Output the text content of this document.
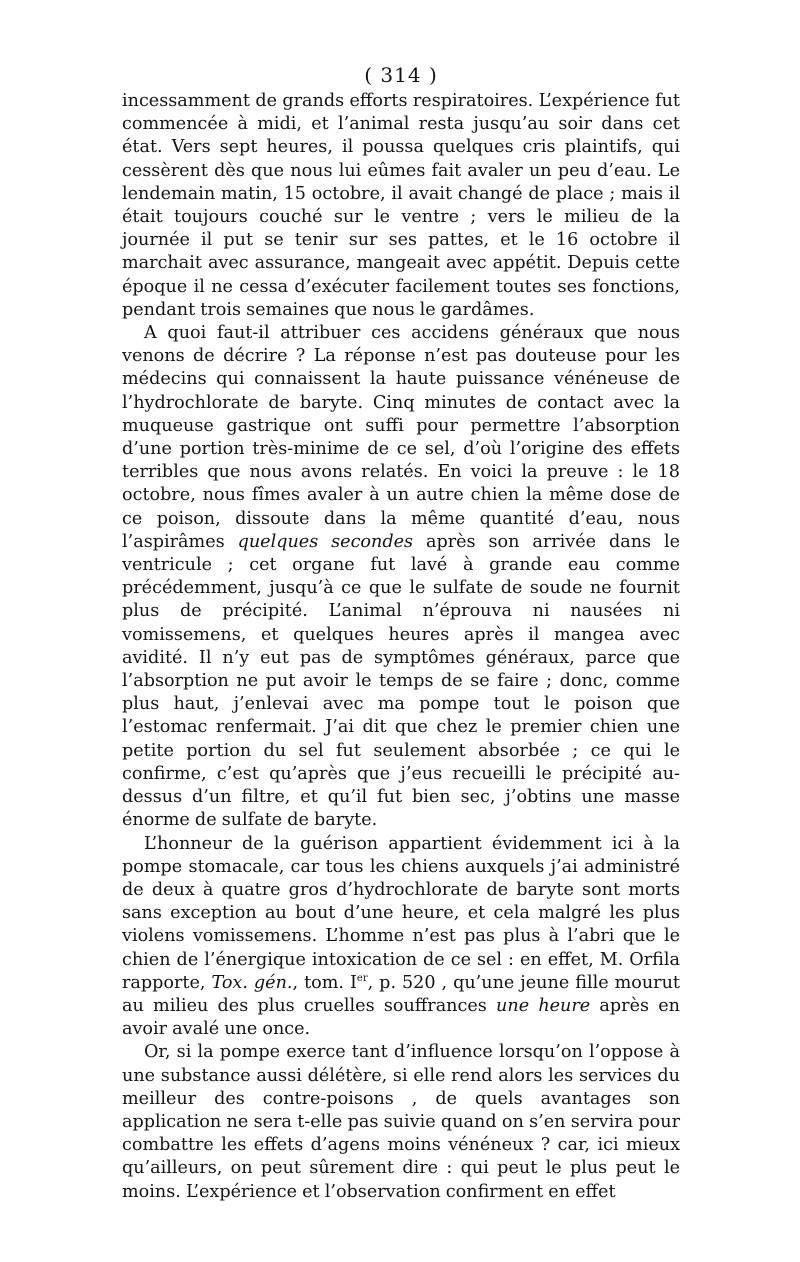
( 314 )

incessamment de grands efforts respiratoires. L’expérience fut commencée à midi, et l’animal resta jusqu’au soir dans cet état. Vers sept heures, il poussa quelques cris plaintifs, qui cessèrent dès que nous lui eûmes fait avaler un peu d’eau. Le lendemain matin, 15 octobre, il avait changé de place ; mais il était toujours couché sur le ventre ; vers le milieu de la journée il put se tenir sur ses pattes, et le 16 octobre il marchait avec assurance, mangeait avec appétit. Depuis cette époque il ne cessa d’exécuter facilement toutes ses fonctions, pendant trois semaines que nous le gardâmes.

A quoi faut-il attribuer ces accidens généraux que nous venons de décrire ? La réponse n’est pas douteuse pour les médecins qui connaissent la haute puissance vénéneuse de l’hydrochlorate de baryte. Cinq minutes de contact avec la muqueuse gastrique ont suffi pour permettre l’absorption d’une portion très-minime de ce sel, d’où l’origine des effets terribles que nous avons relatés. En voici la preuve : le 18 octobre, nous fîmes avaler à un autre chien la même dose de ce poison, dissoute dans la même quantité d’eau, nous l’aspirâmes quelques secondes après son arrivée dans le ventricule ; cet organe fut lavé à grande eau comme précédemment, jusqu’à ce que le sulfate de soude ne fournit plus de précipité. L’animal n’éprouva ni nausées ni vomissemens, et quelques heures après il mangea avec avidité. Il n’y eut pas de symptômes généraux, parce que l’absorption ne put avoir le temps de se faire ; donc, comme plus haut, j’enlevai avec ma pompe tout le poison que l’estomac renfermait. J’ai dit que chez le premier chien une petite portion du sel fut seulement absorbée ; ce qui le confirme, c’est qu’après que j’eus recueilli le précipité au-dessus d’un filtre, et qu’il fut bien sec, j’obtins une masse énorme de sulfate de baryte.

L’honneur de la guérison appartient évidemment ici à la pompe stomacale, car tous les chiens auxquels j’ai administré de deux à quatre gros d’hydrochlorate de baryte sont morts sans exception au bout d’une heure, et cela malgré les plus violens vomissemens. L’homme n’est pas plus à l’abri que le chien de l’énergique intoxication de ce sel : en effet, M. Orfila rapporte, Tox. gén., tom. Ier, p. 520 , qu’une jeune fille mourut au milieu des plus cruelles souffrances une heure après en avoir avalé une once.

Or, si la pompe exerce tant d’influence lorsqu’on l’oppose à une substance aussi délétère, si elle rend alors les services du meilleur des contre-poisons , de quels avantages son application ne sera t-elle pas suivie quand on s’en servira pour combattre les effets d’agens moins vénéneux ? car, ici mieux qu’ailleurs, on peut sûrement dire : qui peut le plus peut le moins. L’expérience et l’observation confirment en effet
